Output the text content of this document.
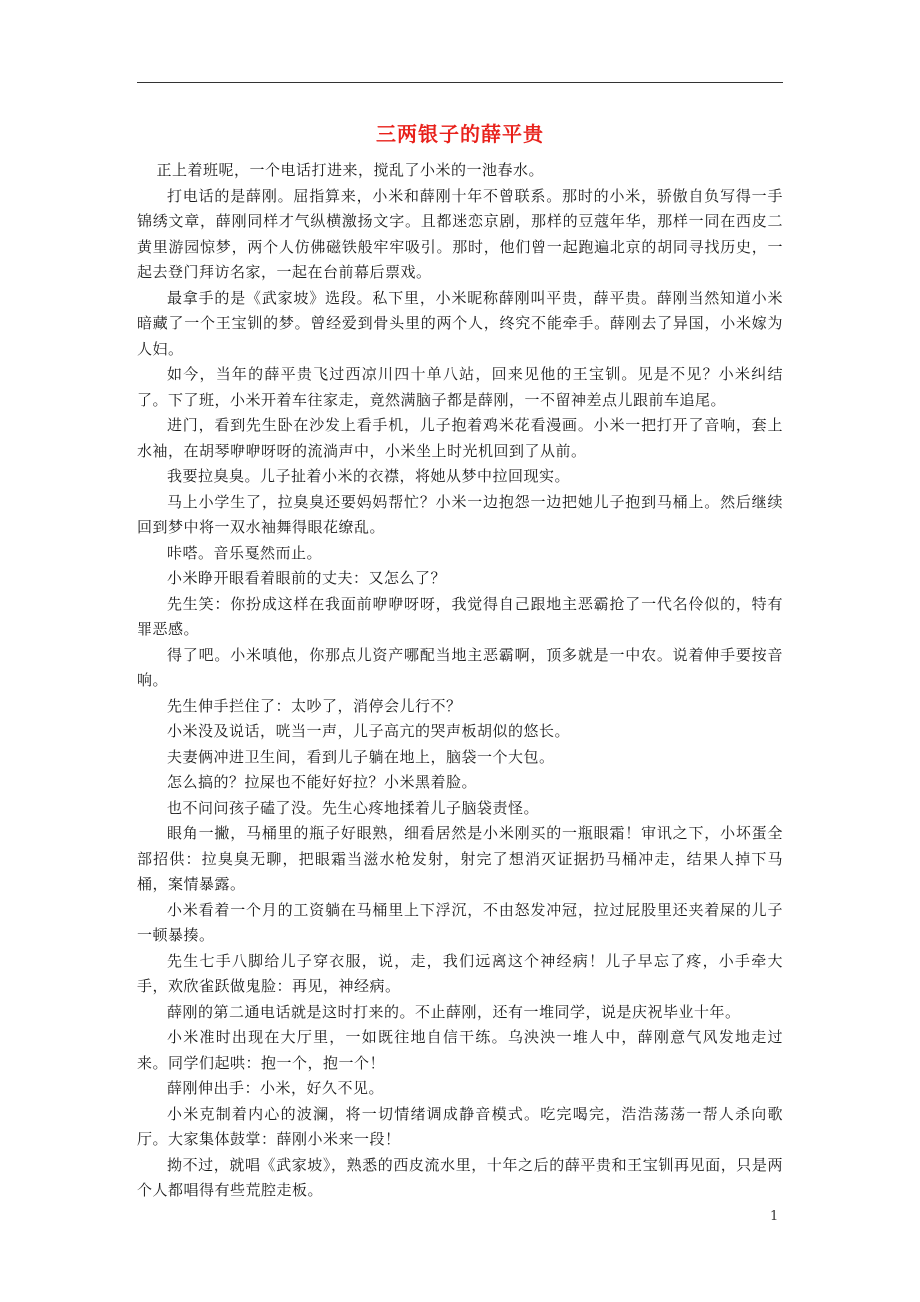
三两银子的薛平贵

正上着班呢，一个电话打进来，搅乱了小米的一池春水。

打电话的是薛刚。屈指算来，小米和薛刚十年不曾联系。那时的小米，骄傲自负写得一手锦绣文章，薛刚同样才气纵横激扬文字。且都迷恋京剧，那样的豆蔻年华，那样一同在西皮二黄里游园惊梦，两个人仿佛磁铁般牢牢吸引。那时，他们曾一起跑遍北京的胡同寻找历史，一起去登门拜访名家，一起在台前幕后票戏。

最拿手的是《武家坡》选段。私下里，小米昵称薛刚叫平贵，薛平贵。薛刚当然知道小米暗藏了一个王宝钏的梦。曾经爱到骨头里的两个人，终究不能牵手。薛刚去了异国，小米嫁为人妇。

如今，当年的薛平贵飞过西凉川四十单八站，回来见他的王宝钏。见是不见？小米纠结了。下了班，小米开着车往家走，竟然满脑子都是薛刚，一不留神差点儿跟前车追尾。

进门，看到先生卧在沙发上看手机，儿子抱着鸡米花看漫画。小米一把打开了音响，套上水袖，在胡琴咿咿呀呀的流淌声中，小米坐上时光机回到了从前。

我要拉臭臭。儿子扯着小米的衣襟，将她从梦中拉回现实。

马上小学生了，拉臭臭还要妈妈帮忙？小米一边抱怨一边把她儿子抱到马桶上。然后继续回到梦中将一双水袖舞得眼花缭乱。

咔嗒。音乐戛然而止。

小米睁开眼看着眼前的丈夫：又怎么了？

先生笑：你扮成这样在我面前咿咿呀呀，我觉得自己跟地主恶霸抢了一代名伶似的，特有罪恶感。

得了吧。小米嗔他，你那点儿资产哪配当地主恶霸啊，顶多就是一中农。说着伸手要按音响。

先生伸手拦住了：太吵了，消停会儿行不？

小米没及说话，咣当一声，儿子高亢的哭声板胡似的悠长。

夫妻俩冲进卫生间，看到儿子躺在地上，脑袋一个大包。

怎么搞的？拉屎也不能好好拉？小米黑着脸。

也不问问孩子磕了没。先生心疼地揉着儿子脑袋责怪。

眼角一撇，马桶里的瓶子好眼熟，细看居然是小米刚买的一瓶眼霜！审讯之下，小坏蛋全部招供：拉臭臭无聊，把眼霜当滋水枪发射，射完了想消灭证据扔马桶冲走，结果人掉下马桶，案情暴露。

小米看着一个月的工资躺在马桶里上下浮沉，不由怒发冲冠，拉过屁股里还夹着屎的儿子一顿暴揍。

先生七手八脚给儿子穿衣服，说，走，我们远离这个神经病！儿子早忘了疼，小手牵大手，欢欣雀跃做鬼脸：再见，神经病。

薛刚的第二通电话就是这时打来的。不止薛刚，还有一堆同学，说是庆祝毕业十年。

小米准时出现在大厅里，一如既往地自信干练。乌泱泱一堆人中，薛刚意气风发地走过来。同学们起哄：抱一个，抱一个！

薛刚伸出手：小米，好久不见。

小米克制着内心的波澜，将一切情绪调成静音模式。吃完喝完，浩浩荡荡一帮人杀向歌厅。大家集体鼓掌：薛刚小米来一段！

拗不过，就唱《武家坡》，熟悉的西皮流水里，十年之后的薛平贵和王宝钏再见面，只是两个人都唱得有些荒腔走板。

1
